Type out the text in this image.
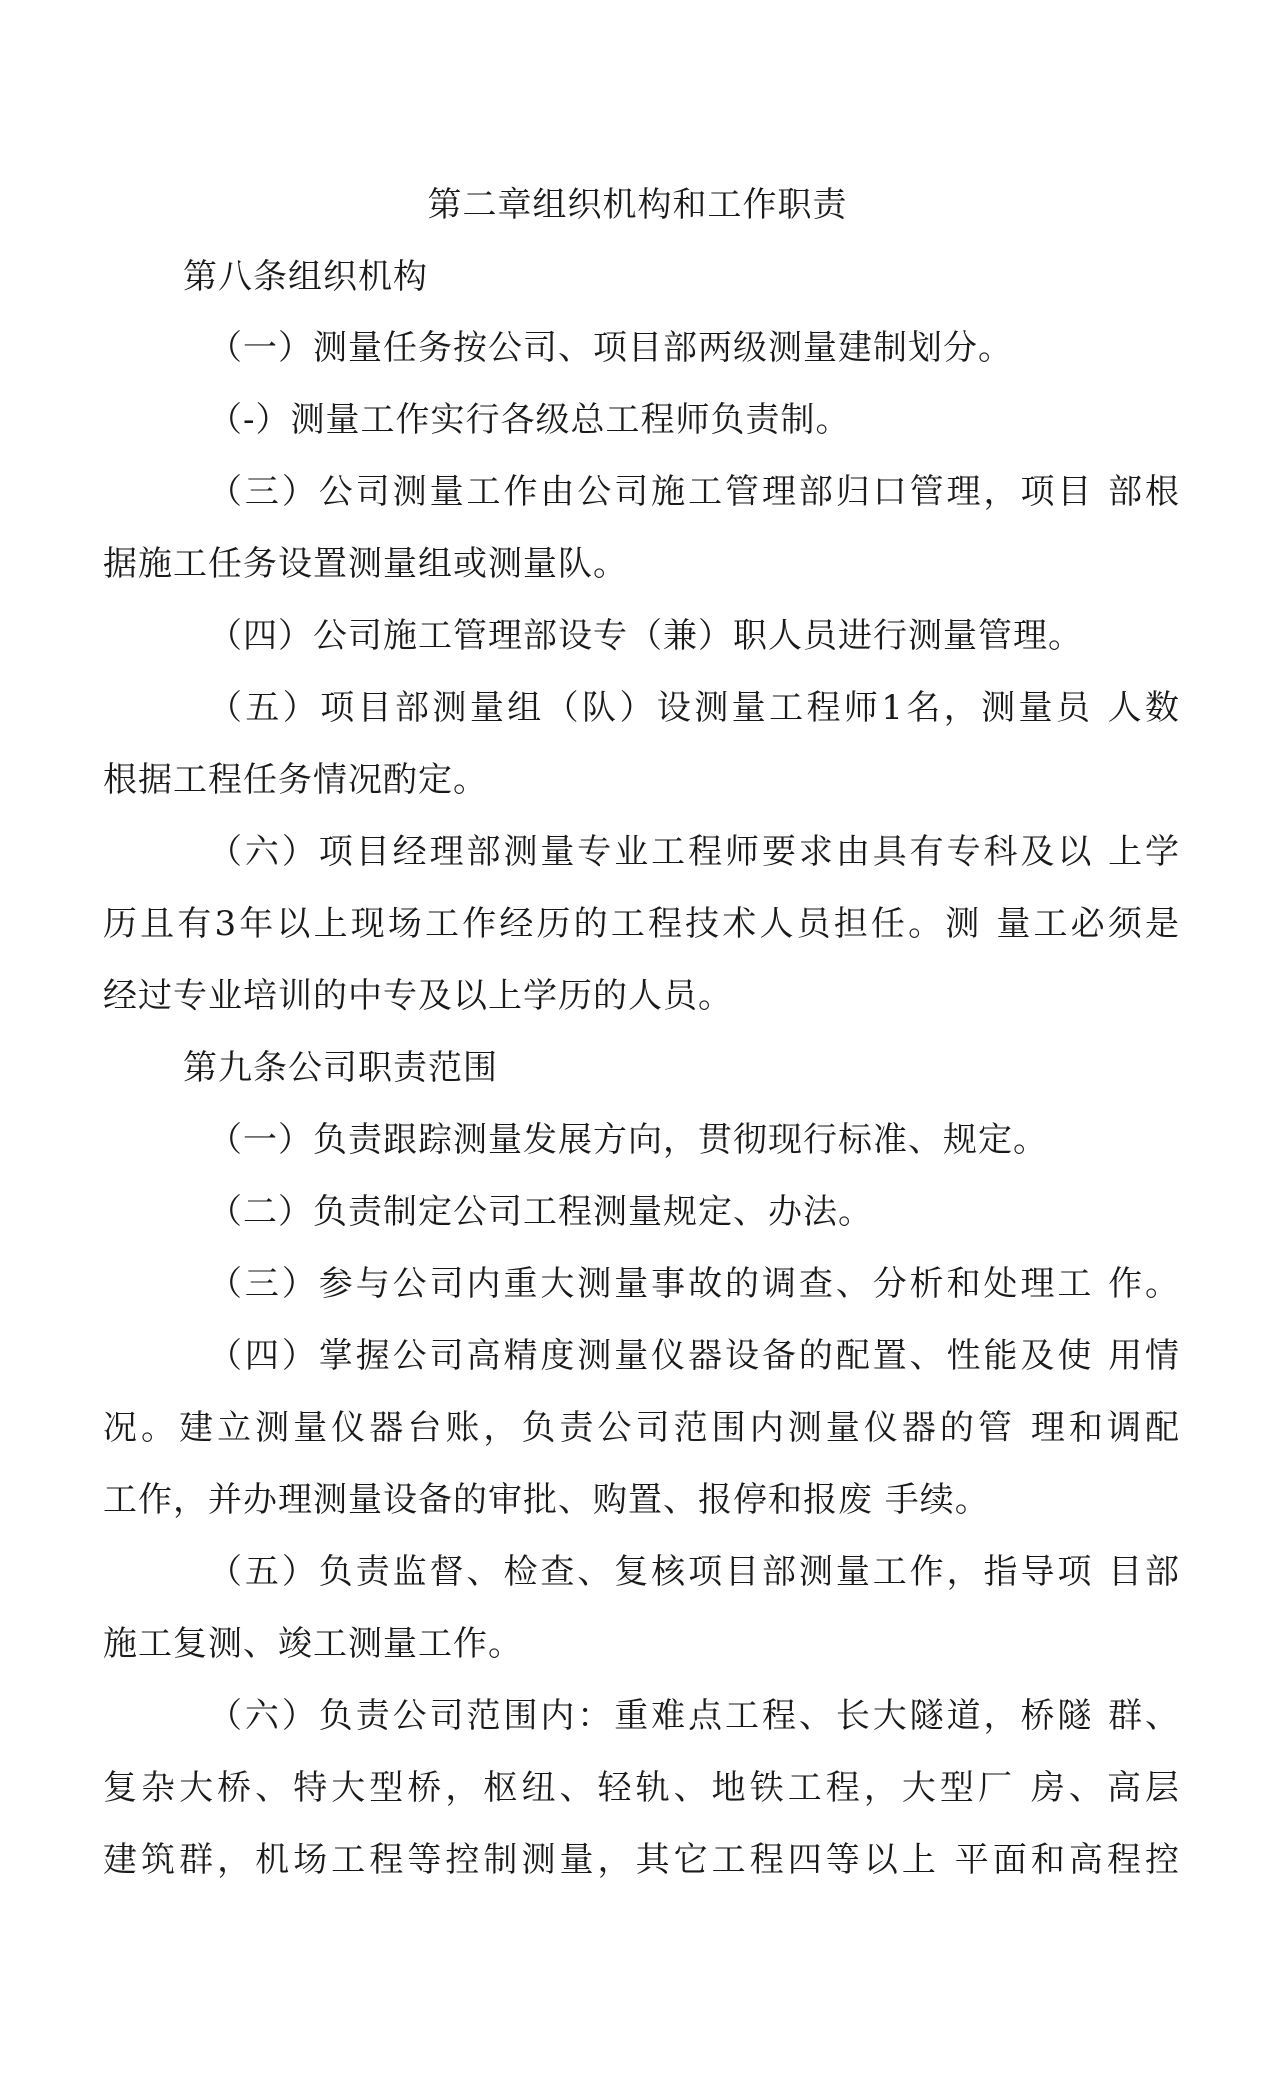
第二章组织机构和工作职责
第八条组织机构
（一）测量任务按公司、项目部两级测量建制划分。
（-）测量工作实行各级总工程师负责制。
（三）公司测量工作由公司施工管理部归口管理，项目 部根
据施工任务设置测量组或测量队。
（四）公司施工管理部设专（兼）职人员进行测量管理。
（五）项目部测量组（队）设测量工程师1名，测量员 人数
根据工程任务情况酌定。
（六）项目经理部测量专业工程师要求由具有专科及以 上学
历且有3年以上现场工作经历的工程技术人员担任。测 量工必须是
经过专业培训的中专及以上学历的人员。
第九条公司职责范围
（一）负责跟踪测量发展方向，贯彻现行标准、规定。
（二）负责制定公司工程测量规定、办法。
（三）参与公司内重大测量事故的调查、分析和处理工 作。
（四）掌握公司高精度测量仪器设备的配置、性能及使 用情
况。建立测量仪器台账，负责公司范围内测量仪器的管 理和调配
工作，并办理测量设备的审批、购置、报停和报废 手续。
（五）负责监督、检查、复核项目部测量工作，指导项 目部
施工复测、竣工测量工作。
（六）负责公司范围内：重难点工程、长大隧道，桥隧 群、
复杂大桥、特大型桥，枢纽、轻轨、地铁工程，大型厂 房、高层
建筑群，机场工程等控制测量，其它工程四等以上 平面和高程控
